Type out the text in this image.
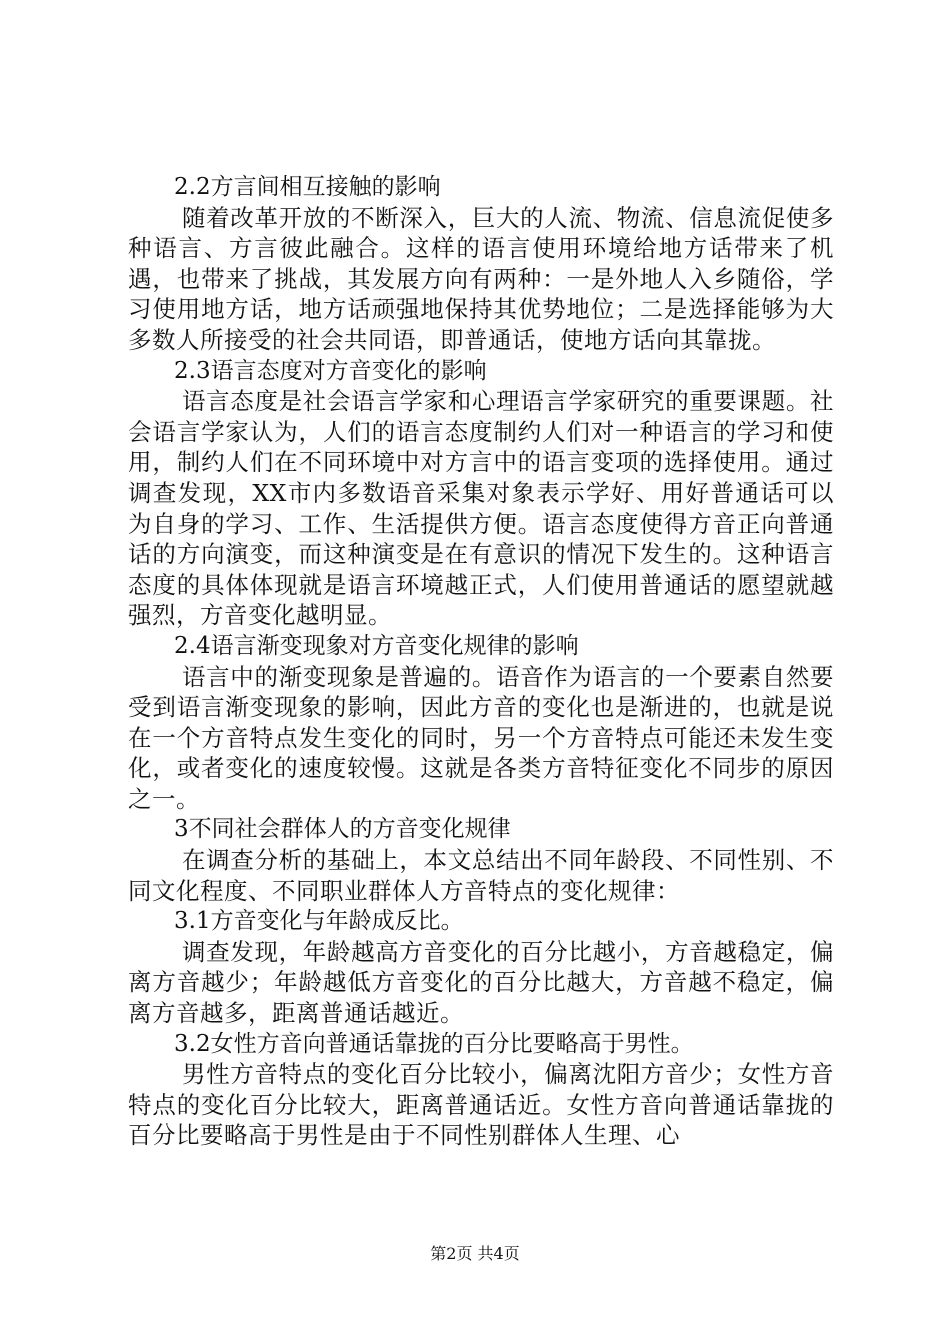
2.2方言间相互接触的影响

随着改革开放的不断深入，巨大的人流、物流、信息流促使多种语言、方言彼此融合。这样的语言使用环境给地方话带来了机遇，也带来了挑战，其发展方向有两种：一是外地人入乡随俗，学习使用地方话，地方话顽强地保持其优势地位；二是选择能够为大多数人所接受的社会共同语，即普通话，使地方话向其靠拢。

2.3语言态度对方音变化的影响

语言态度是社会语言学家和心理语言学家研究的重要课题。社会语言学家认为，人们的语言态度制约人们对一种语言的学习和使用，制约人们在不同环境中对方言中的语言变项的选择使用。通过调查发现，XX市内多数语音采集对象表示学好、用好普通话可以为自身的学习、工作、生活提供方便。语言态度使得方音正向普通话的方向演变，而这种演变是在有意识的情况下发生的。这种语言态度的具体体现就是语言环境越正式，人们使用普通话的愿望就越强烈，方音变化越明显。

2.4语言渐变现象对方音变化规律的影响

语言中的渐变现象是普遍的。语音作为语言的一个要素自然要受到语言渐变现象的影响，因此方音的变化也是渐进的，也就是说在一个方音特点发生变化的同时，另一个方音特点可能还未发生变化，或者变化的速度较慢。这就是各类方音特征变化不同步的原因之一。

3不同社会群体人的方音变化规律

在调查分析的基础上，本文总结出不同年龄段、不同性别、不同文化程度、不同职业群体人方音特点的变化规律：

3.1方音变化与年龄成反比。

调查发现，年龄越高方音变化的百分比越小，方音越稳定，偏离方音越少；年龄越低方音变化的百分比越大，方音越不稳定，偏离方音越多，距离普通话越近。

3.2女性方音向普通话靠拢的百分比要略高于男性。

男性方音特点的变化百分比较小，偏离沈阳方音少；女性方音特点的变化百分比较大，距离普通话近。女性方音向普通话靠拢的百分比要略高于男性是由于不同性别群体人生理、心

第2页 共4页
